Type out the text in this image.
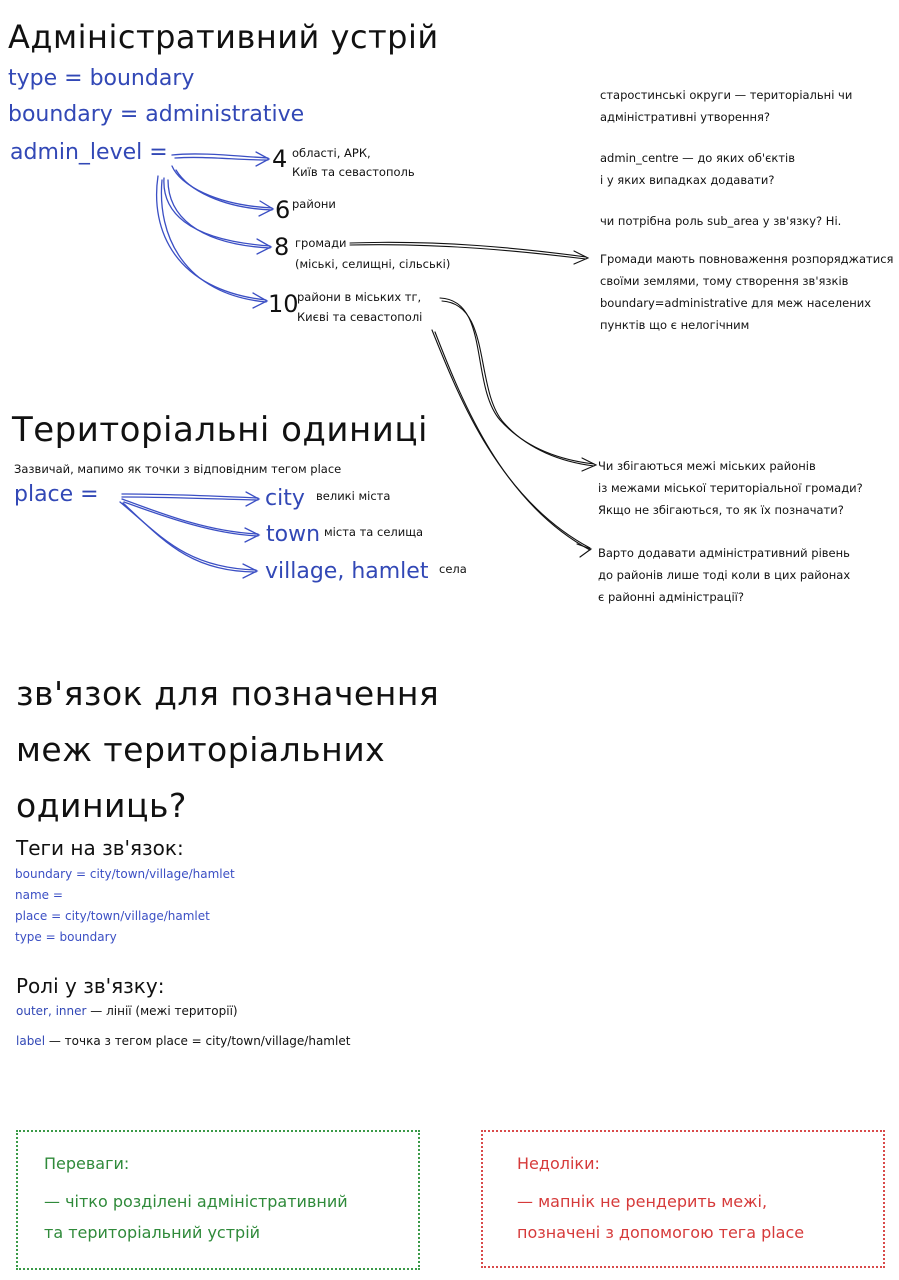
Адміністративний устрій
type = boundary
boundary = administrative
admin_level =	4 області, АРК,
Київ та севастополь
6 райони
8 громади
(міські, селищні, сільські)
10
райони в міських тг,
Києві та севастополі
старостинські округи — територіальні чи
адміністративні утворення?
admin_centre — до яких об'єктів
і у яких випадках додавати?
чи потрібна роль sub_area у зв'язку? Ні.
Громади мають повноваження розпоряджатися
своїми землями, тому створення зв'язків
boundary=administrative для меж населених
пунктів що є нелогічним
Територіальні одиниці
Зазвичай, мапимо як точки з відповідним тегом place
place =	city великі міста
town міста та селища
village, hamlet села
Чи збігаються межі міських районів
із межами міської територіальної громади?
Якщо не збігаються, то як їх позначати?
Варто додавати адміністративний рівень
до районів лише тоді коли в цих районах
є районні адміністрації?
зв'язок для позначення
меж територіальних
одиниць?
Теги на зв'язок:
boundary = city/town/village/hamlet
name =
place = city/town/village/hamlet
type = boundary
Ролі у зв'язку:
outer, inner — лінії (межі території)
label — точка з тегом place = city/town/village/hamlet
Переваги:
— чітко розділені адміністративний
та територіальний устрій
Недоліки:
— мапнік не рендерить межі,
позначені з допомогою тега place
